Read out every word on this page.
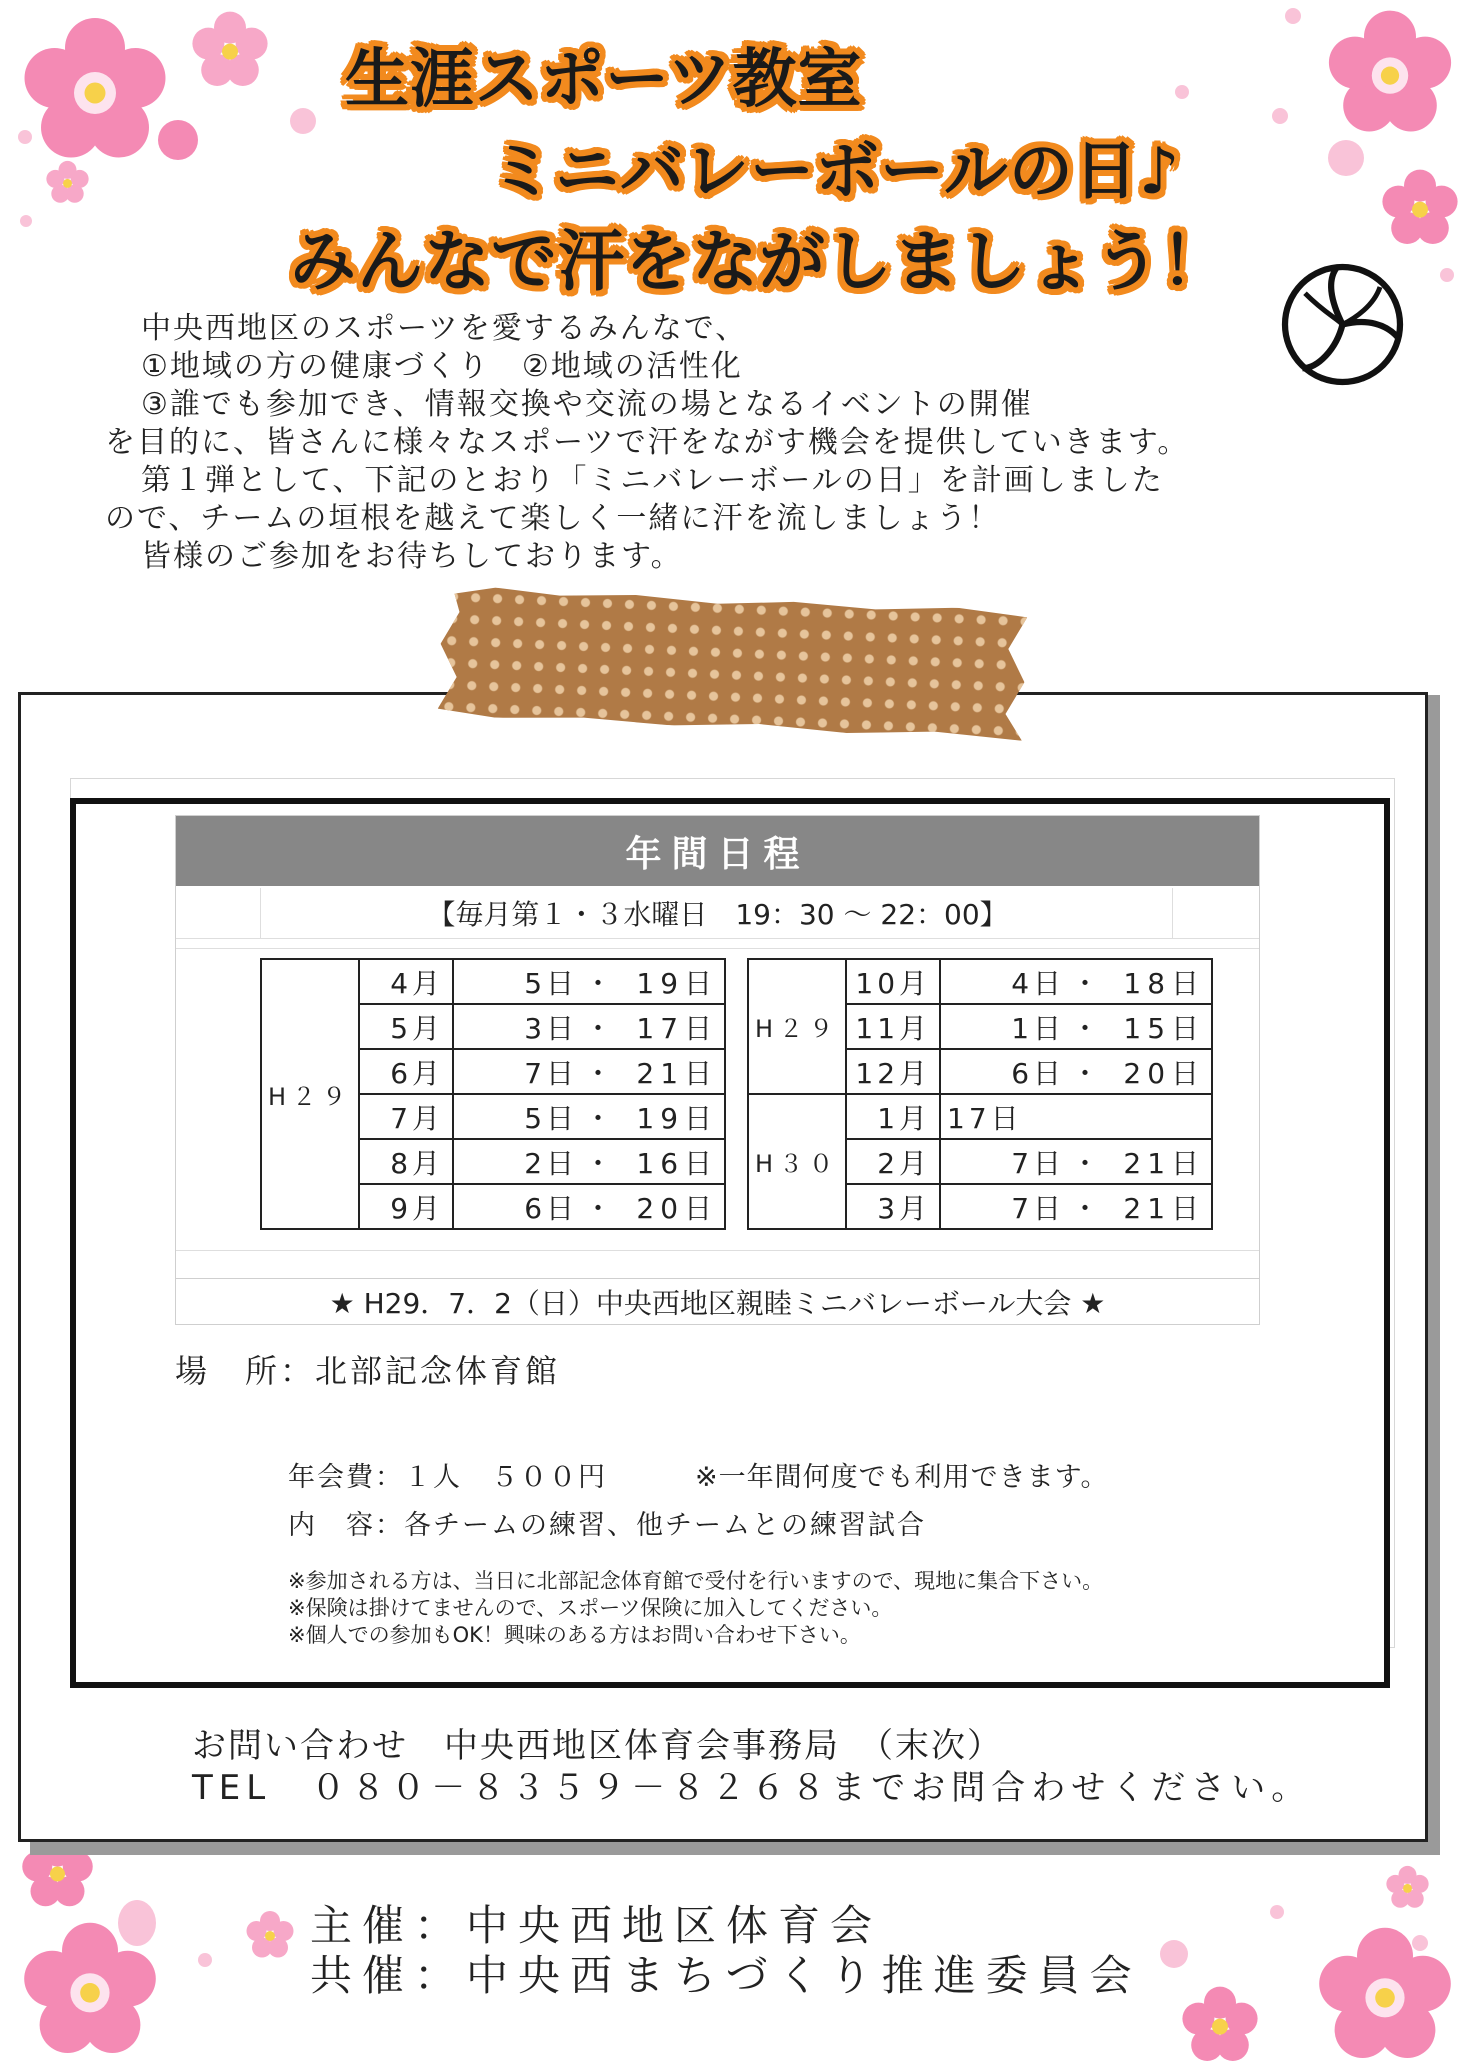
生涯スポーツ教室
ミニバレーボールの日♪
みんなで汗をながしましょう！
中央西地区のスポーツを愛するみんなで、
①地域の方の健康づくり　②地域の活性化
③誰でも参加でき、情報交換や交流の場となるイベントの開催
を目的に、皆さんに様々なスポーツで汗をながす機会を提供していきます。
第１弾として、下記のとおり「ミニバレーボールの日」を計画しました
ので、チームの垣根を越えて楽しく一緒に汗を流しましょう！
皆様のご参加をお待ちしております。
年間日程
【毎月第１・３水曜日　19：30 ～ 22：00】
H２９	4月	5日	・	19日
	5月	3日	・	17日
	6月	7日	・	21日
	7月	5日	・	19日
	8月	2日	・	16日
	9月	6日	・	20日
H２９	10月	4日	・	18日
	11月	1日	・	15日
	12月	6日	・	20日
H３０	1月	17日		
	2月	7日	・	21日
	3月	7日	・	21日
★ H29．7．2（日）中央西地区親睦ミニバレーボール大会 ★
場　所：北部記念体育館
年会費：１人　５００円	※一年間何度でも利用できます。
内　容：各チームの練習、他チームとの練習試合
※参加される方は、当日に北部記念体育館で受付を行いますので、現地に集合下さい。
※保険は掛けてませんので、スポーツ保険に加入してください。
※個人での参加もOK！興味のある方はお問い合わせ下さい。
お問い合わせ　中央西地区体育会事務局　（末次）
TEL　０８０－８３５９－８２６８までお問合わせください。
主催：中央西地区体育会
共催：中央西まちづくり推進委員会
